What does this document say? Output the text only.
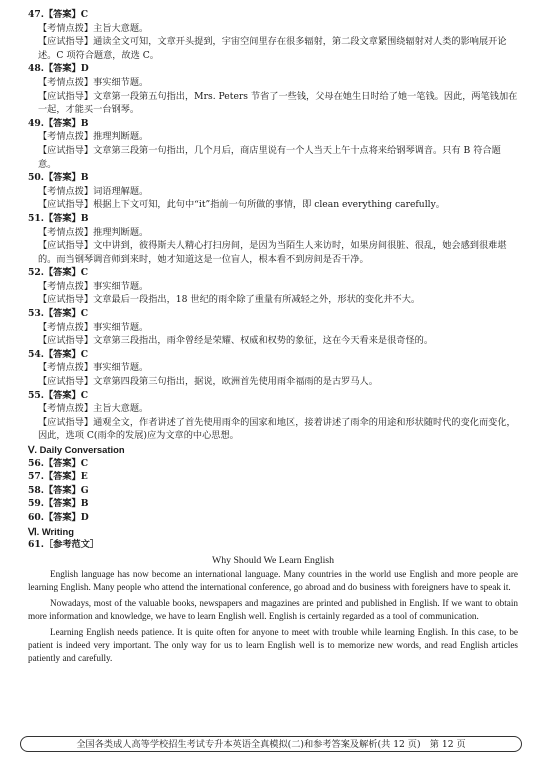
47.【答案】C
【考情点拨】主旨大意题。
【应试指导】通读全文可知，文章开头提到，宇宙空间里存在很多辐射，第二段文章紧围绕辐射对人类的影响展开论述。C 项符合题意，故选 C。
48.【答案】D
【考情点拨】事实细节题。
【应试指导】文章第一段第五句指出，Mrs. Peters 节省了一些钱，父母在她生日时给了她一笔钱。因此，两笔钱加在一起，才能买一台钢琴。
49.【答案】B
【考情点拨】推理判断题。
【应试指导】文章第三段第一句指出，几个月后，商店里说有一个人当天上午十点将来给钢琴调音。只有 B 符合题意。
50.【答案】B
【考情点拨】词语理解题。
【应试指导】根据上下文可知，此句中“it”指前一句所做的事情，即 clean everything carefully。
51.【答案】B
【考情点拨】推理判断题。
【应试指导】文中讲到，彼得斯夫人精心打扫房间，是因为当陌生人来访时，如果房间很脏、很乱，她会感到很难堪的。而当钢琴调音师到来时，她才知道这是一位盲人，根本看不到房间是否干净。
52.【答案】C
【考情点拨】事实细节题。
【应试指导】文章最后一段指出，18 世纪的雨伞除了重量有所减轻之外，形状的变化并不大。
53.【答案】C
【考情点拨】事实细节题。
【应试指导】文章第三段指出，雨伞曾经是荣耀、权威和权势的象征，这在今天看来是很奇怪的。
54.【答案】C
【考情点拨】事实细节题。
【应试指导】文章第四段第三句指出，据说，欧洲首先使用雨伞福雨的是古罗马人。
55.【答案】C
【考情点拨】主旨大意题。
【应试指导】通观全文，作者讲述了首先使用雨伞的国家和地区，接着讲述了雨伞的用途和形状随时代的变化而变化，因此，选项 C(雨伞的发展)应为文章的中心思想。
Ⅴ. Daily Conversation
56.【答案】C
57.【答案】E
58.【答案】G
59.【答案】B
60.【答案】D
Ⅵ. Writing
61.［参考范文］
Why Should We Learn English
English language has now become an international language. Many countries in the world use English and more people are learning English. Many people who attend the international conference, go abroad and do business with foreigners have to speak it.
Nowadays, most of the valuable books, newspapers and magazines are printed and published in English. If we want to obtain more information and knowledge, we have to learn English well. English is certainly regarded as a tool of communication.
Learning English needs patience. It is quite often for anyone to meet with trouble while learning English. In this case, to be patient is indeed very important. The only way for us to learn English well is to memorize new words, and read English articles patiently and carefully.
全国各类成人高等学校招生考试专升本英语全真模拟(二)和参考答案及解析(共 12 页)　第 12 页
